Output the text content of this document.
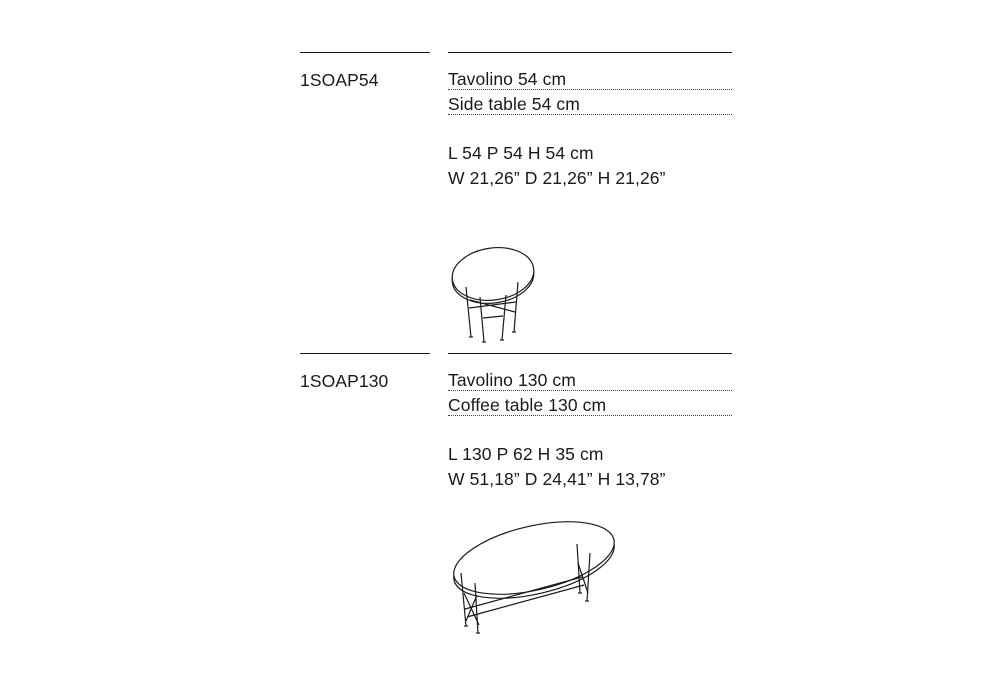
1SOAP54	Tavolino 54 cm
Side table 54 cm
L 54 P 54 H 54 cm
W 21,26” D 21,26” H 21,26”
1SOAP130	Tavolino 130 cm
Coffee table 130 cm
L 130 P 62 H 35 cm
W 51,18” D 24,41” H 13,78”
